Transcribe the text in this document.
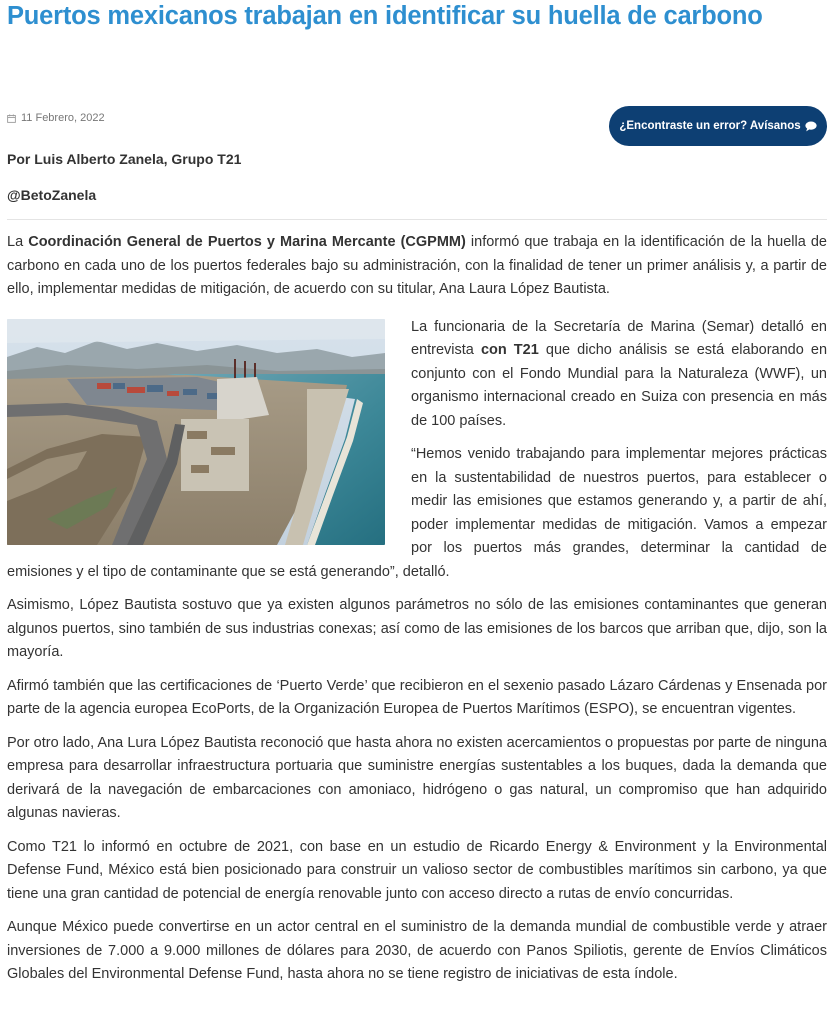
Puertos mexicanos trabajan en identificar su huella de carbono
11 Febrero, 2022
¿Encontraste un error? Avísanos
Por Luis Alberto Zanela, Grupo T21
@BetoZanela

La Coordinación General de Puertos y Marina Mercante (CGPMM) informó que trabaja en la identificación de la huella de carbono en cada uno de los puertos federales bajo su administración, con la finalidad de tener un primer análisis y, a partir de ello, implementar medidas de mitigación, de acuerdo con su titular, Ana Laura López Bautista.

La funcionaria de la Secretaría de Marina (Semar) detalló en entrevista con T21 que dicho análisis se está elaborando en conjunto con el Fondo Mundial para la Naturaleza (WWF), un organismo internacional creado en Suiza con presencia en más de 100 países.

“Hemos venido trabajando para implementar mejores prácticas en la sustentabilidad de nuestros puertos, para establecer o medir las emisiones que estamos generando y, a partir de ahí, poder implementar medidas de mitigación. Vamos a empezar por los puertos más grandes, determinar la cantidad de emisiones y el tipo de contaminante que se está generando”, detalló.

Asimismo, López Bautista sostuvo que ya existen algunos parámetros no sólo de las emisiones contaminantes que generan algunos puertos, sino también de sus industrias conexas; así como de las emisiones de los barcos que arriban que, dijo, son la mayoría.

Afirmó también que las certificaciones de ‘Puerto Verde’ que recibieron en el sexenio pasado Lázaro Cárdenas y Ensenada por parte de la agencia europea EcoPorts, de la Organización Europea de Puertos Marítimos (ESPO), se encuentran vigentes.

Por otro lado, Ana Lura López Bautista reconoció que hasta ahora no existen acercamientos o propuestas por parte de ninguna empresa para desarrollar infraestructura portuaria que suministre energías sustentables a los buques, dada la demanda que derivará de la navegación de embarcaciones con amoniaco, hidrógeno o gas natural, un compromiso que han adquirido algunas navieras.

Como T21 lo informó en octubre de 2021, con base en un estudio de Ricardo Energy & Environment y la Environmental Defense Fund, México está bien posicionado para construir un valioso sector de combustibles marítimos sin carbono, ya que tiene una gran cantidad de potencial de energía renovable junto con acceso directo a rutas de envío concurridas.

Aunque México puede convertirse en un actor central en el suministro de la demanda mundial de combustible verde y atraer inversiones de 7.000 a 9.000 millones de dólares para 2030, de acuerdo con Panos Spiliotis, gerente de Envíos Climáticos Globales del Environmental Defense Fund, hasta ahora no se tiene registro de iniciativas de esta índole.
